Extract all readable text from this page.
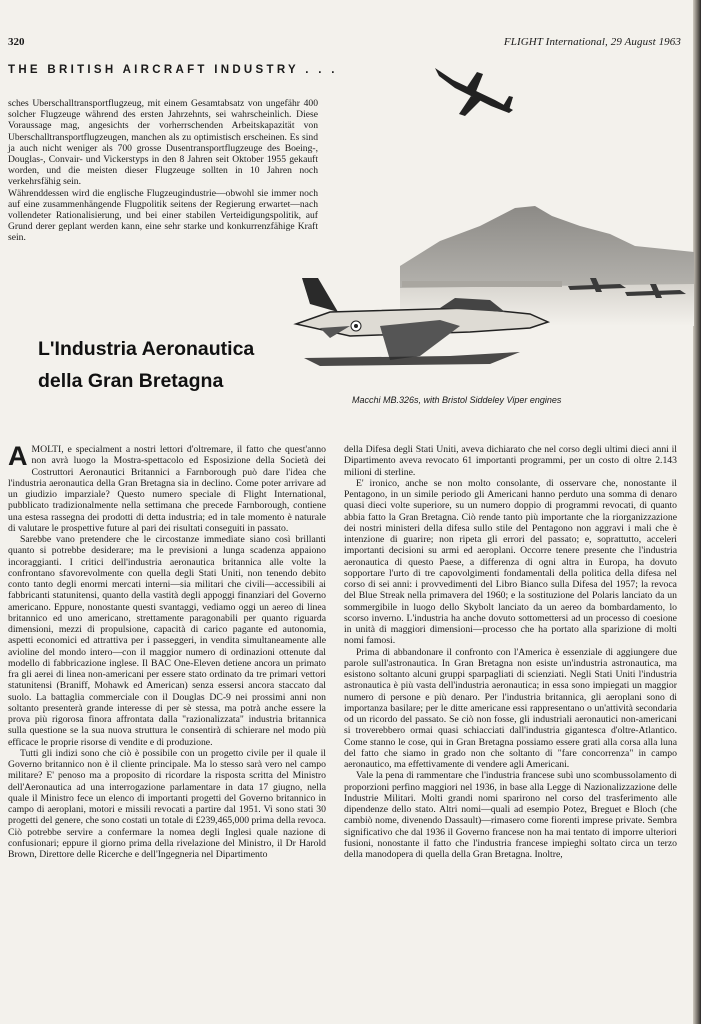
320	FLIGHT International, 29 August 1963
THE BRITISH AIRCRAFT INDUSTRY . . .

sches Uberschalltransportflugzeug, mit einem Gesamtabsatz von ungefähr 400 solcher Flugzeuge während des ersten Jahrzehnts, sei wahrscheinlich. Diese Voraussage mag, angesichts der vorherrschenden Arbeitskapazität von Uberschalltransportflugzeugen, manchen als zu optimistisch erscheinen. Es sind ja auch nicht weniger als 700 grosse Dusentransportflugzeuge des Boeing-, Douglas-, Convair- und Vickerstyps in den 8 Jahren seit Oktober 1955 gekauft worden, und die meisten dieser Flugzeuge sollten in 10 Jahren noch verkehrsfähig sein.

Währenddessen wird die englische Flugzeugindustrie—obwohl sie immer noch auf eine zusammenhängende Flugpolitik seitens der Regierung erwartet—nach vollendeter Rationalisierung, und bei einer stabilen Verteidigungspolitik, auf Grund derer geplant werden kann, eine sehr starke und konkurrenzfähige Kraft sein.

Macchi MB.326s, with Bristol Siddeley Viper engines
L'Industria Aeronautica
della Gran Bretagna

AMOLTI, e specialment a nostri lettori d'oltremare, il fatto che quest'anno non avrà luogo la Mostra-spettacolo ed Esposizione della Società dei Costruttori Aeronautici Britannici a Farnborough può dare l'idea che l'industria aeronautica della Gran Bretagna sia in declino. Come poter arrivare ad un giudizio imparziale? Questo numero speciale di Flight International, pubblicato tradizionalmente nella settimana che precede Farnborough, contiene una estesa rassegna dei prodotti di detta industria; ed in tale momento è naturale di valutare le prospettive future al pari dei risultati conseguiti in passato.

Sarebbe vano pretendere che le circostanze immediate siano così brillanti quanto si potrebbe desiderare; ma le previsioni a lunga scadenza appaiono incoraggianti. I critici dell'industria aeronautica britannica alle volte la confrontano sfavorevolmente con quella degli Stati Uniti, non tenendo debito conto tanto degli enormi mercati interni—sia militari che civili—accessibili ai fabbricanti statunitensi, quanto della vastità degli appoggi finanziari del Governo americano. Eppure, nonostante questi svantaggi, vediamo oggi un aereo di linea britannico ed uno americano, strettamente paragonabili per quanto riguarda dimensioni, mezzi di propulsione, capacità di carico pagante ed autonomia, aspetti economici ed attrattiva per i passeggeri, in vendita simultaneamente alle avioline del mondo intero—con il maggior numero di ordinazioni ottenute dal modello di fabbricazione inglese. Il BAC One-Eleven detiene ancora un primato fra gli aerei di linea non-americani per essere stato ordinato da tre primari vettori statunitensi (Braniff, Mohawk ed American) senza essersi ancora staccato dal suolo. La battaglia commerciale con il Douglas DC-9 nei prossimi anni non soltanto presenterà grande interesse di per sè stessa, ma potrà anche essere la prova più rigorosa finora affrontata dalla "razionalizzata" industria britannica sulla questione se la sua nuova struttura le consentirà di schierare nel modo più efficace le proprie risorse di vendite e di produzione.

Tutti gli indizi sono che ciò è possibile con un progetto civile per il quale il Governo britannico non è il cliente principale. Ma lo stesso sarà vero nel campo militare? E' penoso ma a proposito di ricordare la risposta scritta del Ministro dell'Aeronautica ad una interrogazione parlamentare in data 17 giugno, nella quale il Ministro fece un elenco di importanti progetti del Governo britannico in campo di aeroplani, motori e missili revocati a partire dal 1951. Vi sono stati 30 progetti del genere, che sono costati un totale di £239,465,000 prima della revoca. Ciò potrebbe servire a confermare la nomea degli Inglesi quale nazione di confusionari; eppure il giorno prima della rivelazione del Ministro, il Dr Harold Brown, Direttore delle Ricerche e dell'Ingegneria nel Dipartimento

della Difesa degli Stati Uniti, aveva dichiarato che nel corso degli ultimi dieci anni il Dipartimento aveva revocato 61 importanti programmi, per un costo di oltre 2.143 milioni di sterline.

E' ironico, anche se non molto consolante, di osservare che, nonostante il Pentagono, in un simile periodo gli Americani hanno perduto una somma di denaro quasi dieci volte superiore, su un numero doppio di programmi revocati, di quanto abbia fatto la Gran Bretagna. Ciò rende tanto più importante che la riorganizzazione dei nostri ministeri della difesa sullo stile del Pentagono non aggravi i mali che è intenzione di guarire; non ripeta gli errori del passato; e, soprattutto, acceleri importanti decisioni su armi ed aeroplani. Occorre tenere presente che l'industria aeronautica di questo Paese, a differenza di ogni altra in Europa, ha dovuto sopportare l'urto di tre capovolgimenti fondamentali della politica della difesa nel corso di sei anni: i provvedimenti del Libro Bianco sulla Difesa del 1957; la revoca del Blue Streak nella primavera del 1960; e la sostituzione del Polaris lanciato da un sommergibile in luogo dello Skybolt lanciato da un aereo da bombardamento, lo scorso inverno. L'industria ha anche dovuto sottomettersi ad un processo di coesione in unità di maggiori dimensioni—processo che ha portato alla sparizione di molti nomi famosi.

Prima di abbandonare il confronto con l'America è essenziale di aggiungere due parole sull'astronautica. In Gran Bretagna non esiste un'industria astronautica, ma esistono soltanto alcuni gruppi sparpagliati di scienziati. Negli Stati Uniti l'industria astronautica è più vasta dell'industria aeronautica; in essa sono impiegati un maggior numero di persone e più denaro. Per l'industria britannica, gli aeroplani sono di importanza basilare; per le ditte americane essi rappresentano o un'attività secondaria od un ricordo del passato. Se ciò non fosse, gli industriali aeronautici non-americani si troverebbero ormai quasi schiacciati dall'industria gigantesca d'oltre-Atlantico. Come stanno le cose, qui in Gran Bretagna possiamo essere grati alla corsa alla luna del fatto che siamo in grado non che soltanto di "fare concorrenza" in campo aeronautico, ma effettivamente di vendere agli Americani.

Vale la pena di rammentare che l'industria francese subì uno scombussolamento di proporzioni perfino maggiori nel 1936, in base alla Legge di Nazionalizzazione delle Industrie Militari. Molti grandi nomi sparirono nel corso del trasferimento alle dipendenze dello stato. Altri nomi—quali ad esempio Potez, Breguet e Bloch (che cambiò nome, divenendo Dassault)—rimasero come fiorenti imprese private. Sembra significativo che dal 1936 il Governo francese non ha mai tentato di imporre ulteriori fusioni, nonostante il fatto che l'industria francese impieghi soltato circa un terzo della manodopera di quella della Gran Bretagna. Inoltre,
